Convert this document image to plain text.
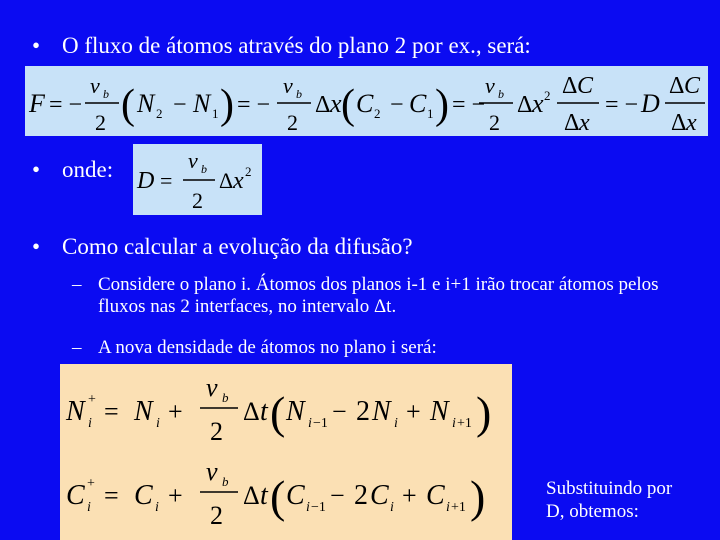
• O fluxo de átomos através do plano 2 por ex., será:
F = −
ν b
2 ( N 2 − N 1 ) = −
ν b
2
Δ x ( C 2 − C 1 ) = −
ν b
2
Δ x 2 Δ C
Δ x
= − D
Δ C
Δ x
• onde: D =
ν b
2
Δ x 2
• Como calcular a evolução da difusão?
– Considere o plano i. Átomos dos planos i-1 e i+1 irão trocar átomos pelos fluxos nas 2 interfaces, no intervalo Δt.
– A nova densidade de átomos no plano i será:
N +
i = N i +
ν b
2
Δ t ( N i −1 − 2 N i + N i +1 )
C +
i = C i +
ν b
2
Δ t ( C i −1 − 2 C i + C i +1 )	Substituindo por
D, obtemos:
